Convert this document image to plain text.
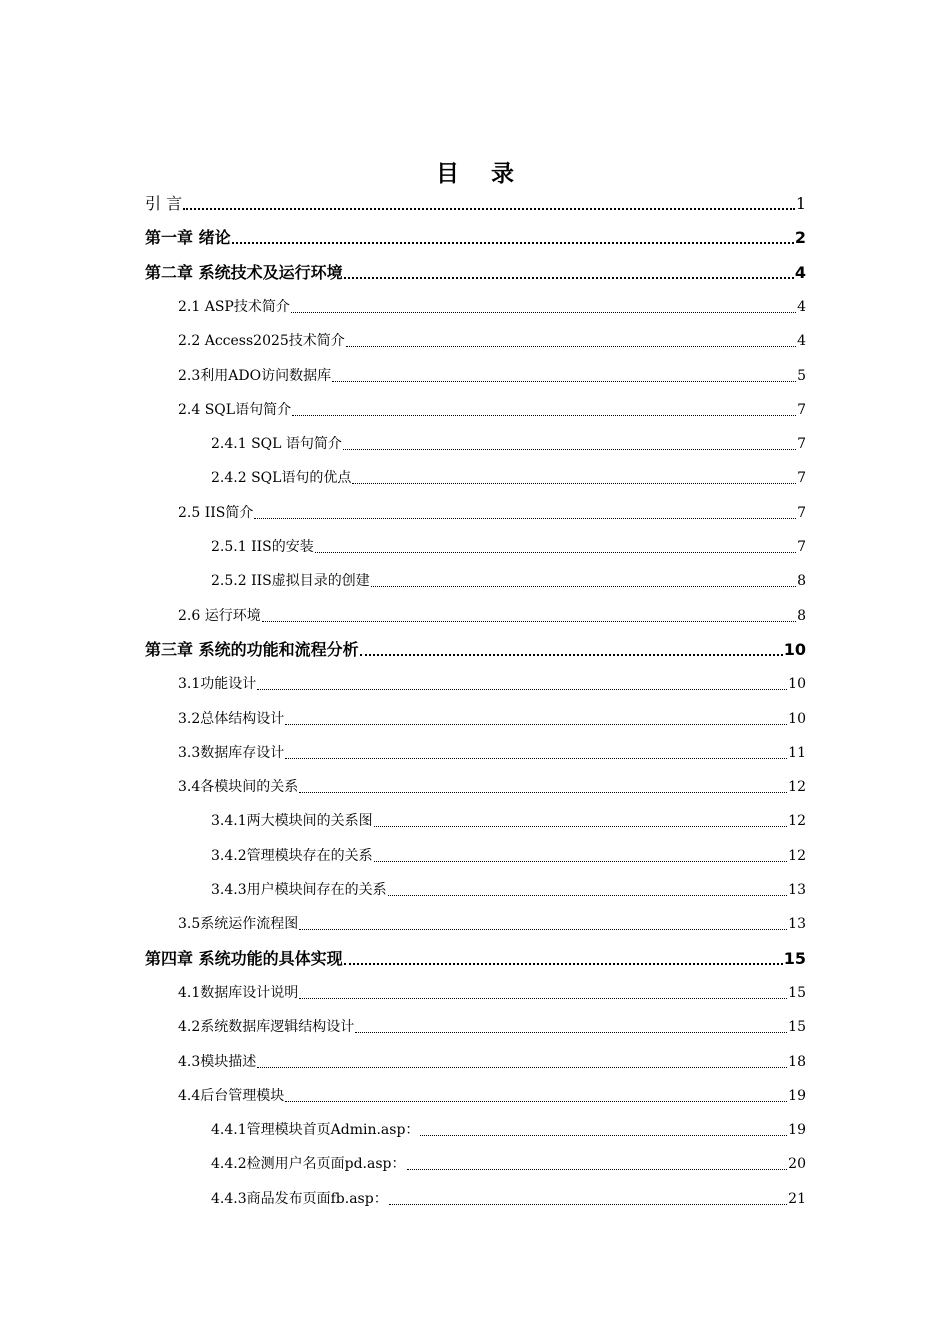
目 录
引 言	1
第一章 绪论	2
第二章 系统技术及运行环境	4
2.1 ASP技术简介	4
2.2 Access2025技术简介	4
2.3利用ADO访问数据库	5
2.4 SQL语句简介	7
2.4.1 SQL 语句简介	7
2.4.2 SQL语句的优点	7
2.5 IIS简介	7
2.5.1 IIS的安装	7
2.5.2 IIS虚拟目录的创建	8
2.6 运行环境	8
第三章 系统的功能和流程分析	10
3.1功能设计	10
3.2总体结构设计	10
3.3数据库存设计	11
3.4各模块间的关系	12
3.4.1两大模块间的关系图	12
3.4.2管理模块存在的关系	12
3.4.3用户模块间存在的关系	13
3.5系统运作流程图	13
第四章 系统功能的具体实现	15
4.1数据库设计说明	15
4.2系统数据库逻辑结构设计	15
4.3模块描述	18
4.4后台管理模块	19
4.4.1管理模块首页Admin.asp：	19
4.4.2检测用户名页面pd.asp：	20
4.4.3商品发布页面fb.asp：	21
